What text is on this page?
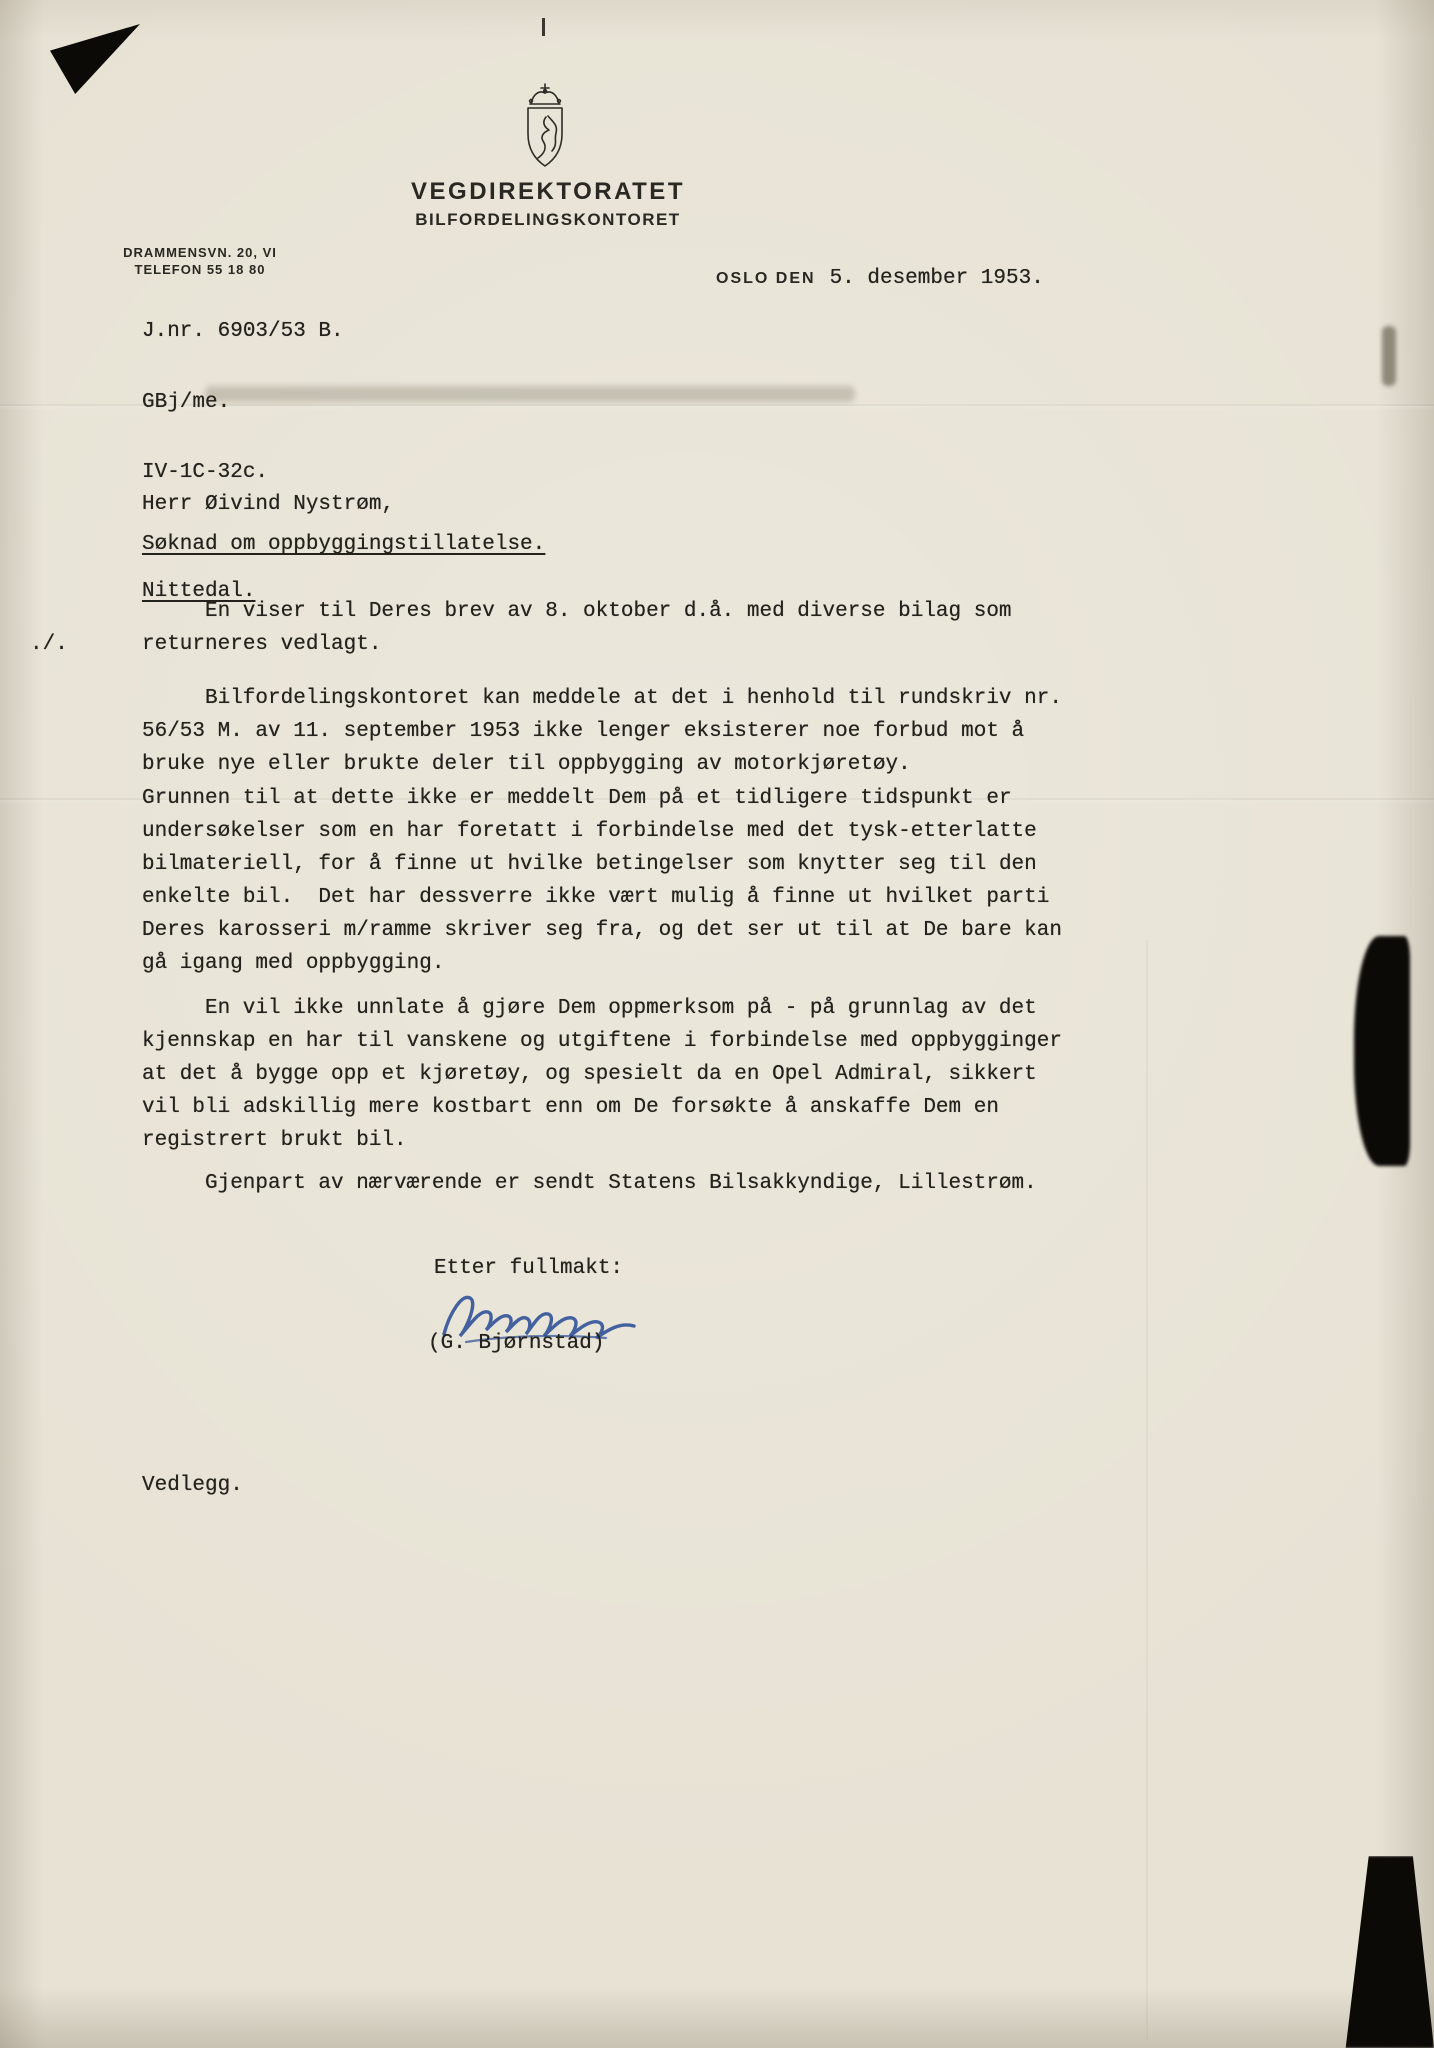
VEGDIREKTORATET
BILFORDELINGSKONTORET
DRAMMENSVN. 20, VI
TELEFON 55 18 80
OSLO DEN 5. desember 1953.

J.nr. 6903/53 B.

GBj/me.

IV-1C-32c.

Herr Øivind Nystrøm,

Nittedal.

Søknad om oppbyggingstillatelse.
./.
En viser til Deres brev av 8. oktober d.å. med diverse bilag som returneres vedlagt.
Bilfordelingskontoret kan meddele at det i henhold til rundskriv nr. 56/53 M. av 11. september 1953 ikke lenger eksisterer noe forbud mot å bruke nye eller brukte deler til oppbygging av motorkjøretøy.
Grunnen til at dette ikke er meddelt Dem på et tidligere tidspunkt er undersøkelser som en har foretatt i forbindelse med det tysk-etterlatte bilmateriell, for å finne ut hvilke betingelser som knytter seg til den enkelte bil.  Det har dessverre ikke vært mulig å finne ut hvilket parti Deres karosseri m/ramme skriver seg fra, og det ser ut til at De bare kan gå igang med oppbygging.
En vil ikke unnlate å gjøre Dem oppmerksom på - på grunnlag av det kjennskap en har til vanskene og utgiftene i forbindelse med oppbygginger at det å bygge opp et kjøretøy, og spesielt da en Opel Admiral, sikkert vil bli adskillig mere kostbart enn om De forsøkte å anskaffe Dem en registrert brukt bil.
Gjenpart av nærværende er sendt Statens Bilsakkyndige, Lillestrøm.
Etter fullmakt:
(G. Bjørnstad)
Vedlegg.
